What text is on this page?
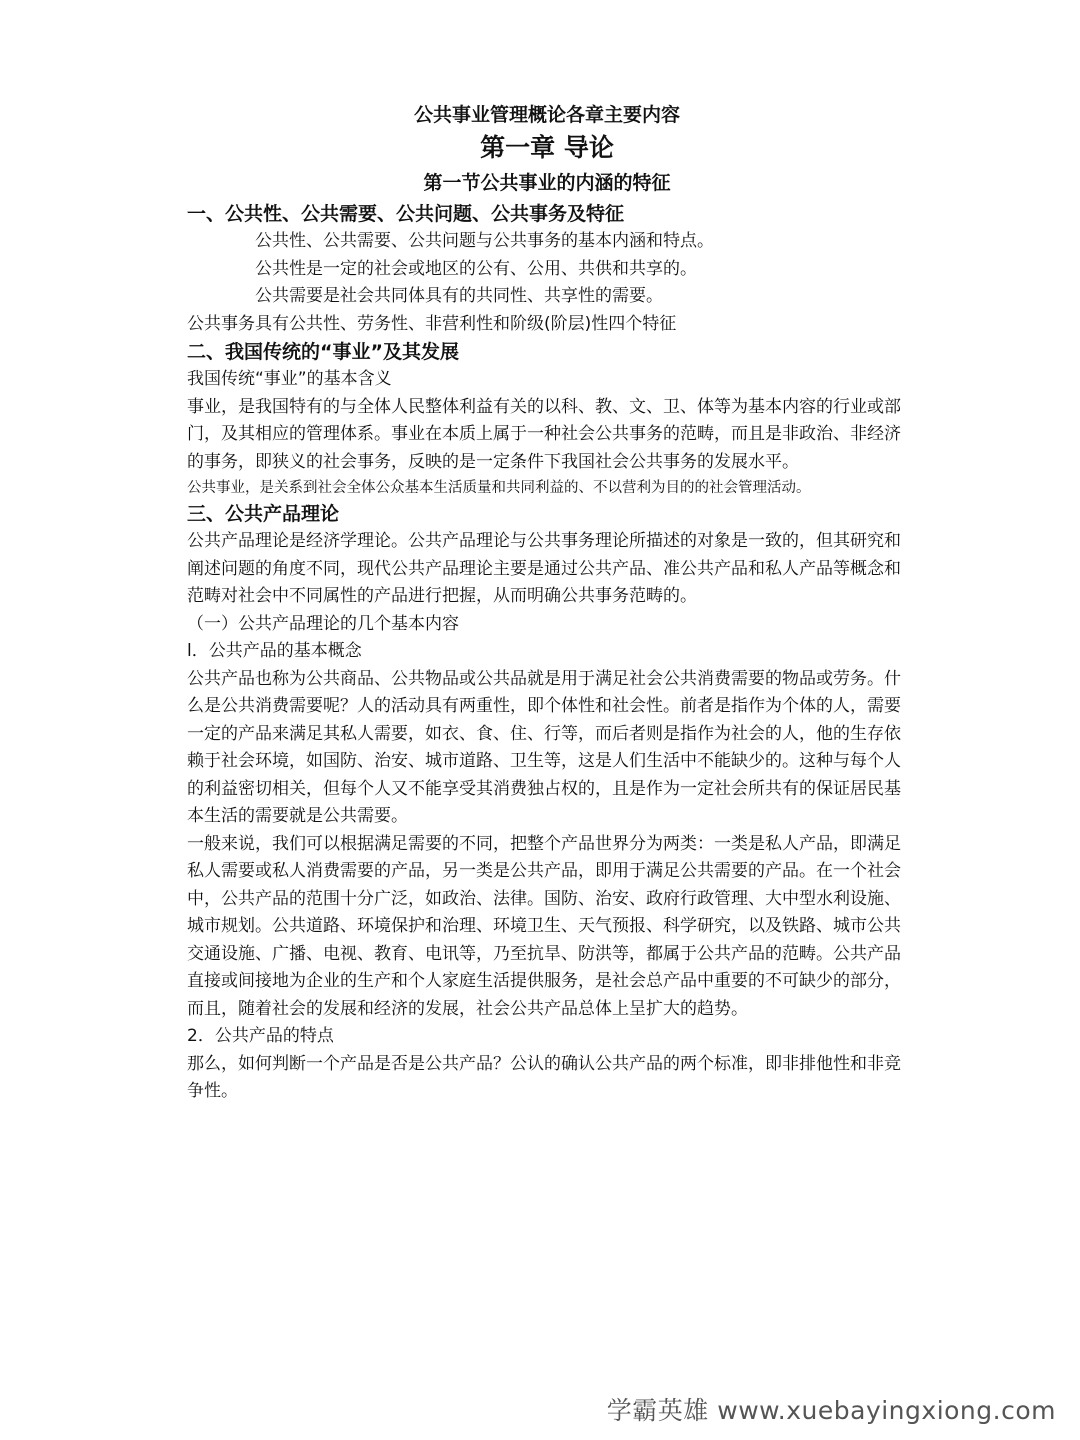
公共事业管理概论各章主要内容
第一章 导论
第一节公共事业的内涵的特征
一、公共性、公共需要、公共问题、公共事务及特征
公共性、公共需要、公共问题与公共事务的基本内涵和特点。
公共性是一定的社会或地区的公有、公用、共供和共享的。
公共需要是社会共同体具有的共同性、共享性的需要。
公共事务具有公共性、劳务性、非营利性和阶级(阶层)性四个特征
二、我国传统的“事业”及其发展
我国传统“事业”的基本含义
事业，是我国特有的与全体人民整体利益有关的以科、教、文、卫、体等为基本内容的行业或部门，及其相应的管理体系。事业在本质上属于一种社会公共事务的范畴，而且是非政治、非经济的事务，即狭义的社会事务，反映的是一定条件下我国社会公共事务的发展水平。
公共事业，是关系到社会全体公众基本生活质量和共同利益的、不以营利为目的的社会管理活动。
三、公共产品理论
公共产品理论是经济学理论。公共产品理论与公共事务理论所描述的对象是一致的，但其研究和阐述问题的角度不同，现代公共产品理论主要是通过公共产品、准公共产品和私人产品等概念和范畴对社会中不同属性的产品进行把握，从而明确公共事务范畴的。
（一）公共产品理论的几个基本内容
l．公共产品的基本概念
公共产品也称为公共商品、公共物品或公共品就是用于满足社会公共消费需要的物品或劳务。什么是公共消费需要呢？人的活动具有两重性，即个体性和社会性。前者是指作为个体的人，需要一定的产品来满足其私人需要，如衣、食、住、行等，而后者则是指作为社会的人，他的生存依赖于社会环境，如国防、治安、城市道路、卫生等，这是人们生活中不能缺少的。这种与每个人的利益密切相关，但每个人又不能享受其消费独占权的，且是作为一定社会所共有的保证居民基本生活的需要就是公共需要。
一般来说，我们可以根据满足需要的不同，把整个产品世界分为两类：一类是私人产品，即满足私人需要或私人消费需要的产品，另一类是公共产品，即用于满足公共需要的产品。在一个社会中，公共产品的范围十分广泛，如政治、法律。国防、治安、政府行政管理、大中型水利设施、城市规划。公共道路、环境保护和治理、环境卫生、天气预报、科学研究，以及铁路、城市公共交通设施、广播、电视、教育、电讯等，乃至抗旱、防洪等，都属于公共产品的范畴。公共产品直接或间接地为企业的生产和个人家庭生活提供服务，是社会总产品中重要的不可缺少的部分，而且，随着社会的发展和经济的发展，社会公共产品总体上呈扩大的趋势。
2．公共产品的特点
那么，如何判断一个产品是否是公共产品？公认的确认公共产品的两个标准，即非排他性和非竞争性。
学霸英雄 www.xuebayingxiong.com
